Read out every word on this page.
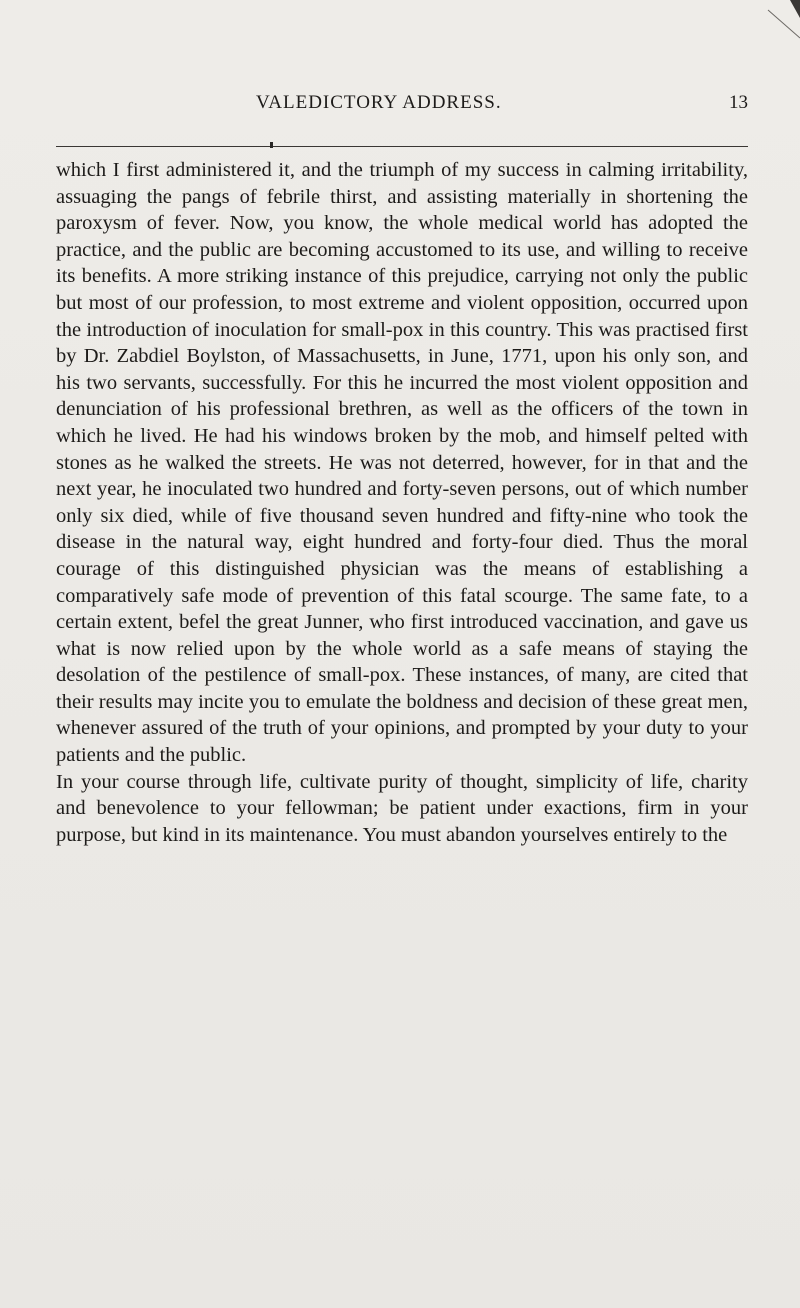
VALEDICTORY ADDRESS.	13

which I first administered it, and the triumph of my success in calming irritability, assuaging the pangs of febrile thirst, and assisting materially in shortening the paroxysm of fever. Now, you know, the whole medical world has adopted the practice, and the public are becoming accustomed to its use, and willing to receive its benefits. A more striking instance of this prejudice, carrying not only the public but most of our profession, to most extreme and violent opposition, occurred upon the introduction of inoculation for small-pox in this country. This was practised first by Dr. Zabdiel Boylston, of Massachusetts, in June, 1771, upon his only son, and his two servants, successfully. For this he incurred the most violent opposition and denunciation of his professional brethren, as well as the officers of the town in which he lived. He had his windows broken by the mob, and himself pelted with stones as he walked the streets. He was not deterred, however, for in that and the next year, he inoculated two hundred and forty-seven persons, out of which number only six died, while of five thousand seven hundred and fifty-nine who took the disease in the natural way, eight hundred and forty-four died. Thus the moral courage of this distinguished physician was the means of establishing a comparatively safe mode of prevention of this fatal scourge. The same fate, to a certain extent, befel the great Junner, who first introduced vaccination, and gave us what is now relied upon by the whole world as a safe means of staying the desolation of the pestilence of small-pox. These instances, of many, are cited that their results may incite you to emulate the boldness and decision of these great men, whenever assured of the truth of your opinions, and prompted by your duty to your patients and the public.

In your course through life, cultivate purity of thought, simplicity of life, charity and benevolence to your fellowman; be patient under exactions, firm in your purpose, but kind in its maintenance. You must abandon yourselves entirely to the
